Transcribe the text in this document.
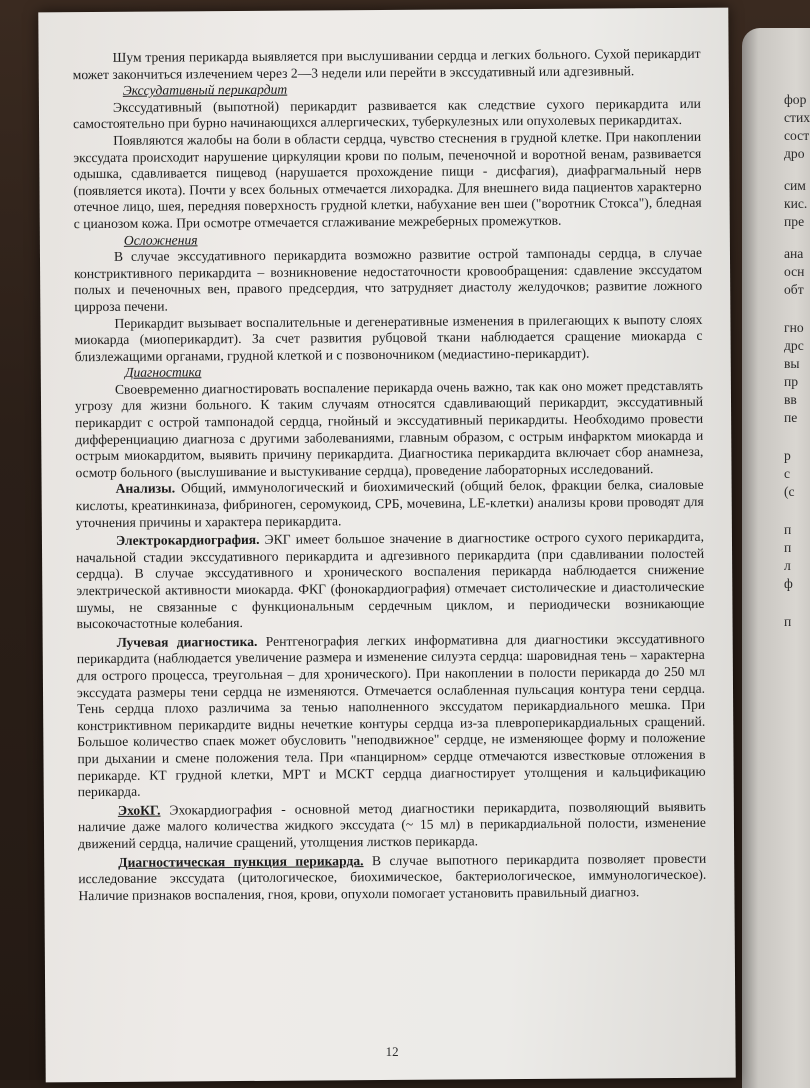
фор
стих
сост
дро
сим
кис.
пре
ана
осн
обт
гно
дрс
вы
пр
вв
пе
р
с
(с
п
п
л
ф
п

Шум трения перикарда выявляется при выслушивании сердца и легких больного. Сухой перикардит может закончиться излечением через 2—3 недели или перейти в экссудативный или адгезивный.

Экссудативный перикардит

Экссудативный (выпотной) перикардит развивается как следствие сухого перикардита или самостоятельно при бурно начинающихся аллергических, туберкулезных или опухолевых перикардитах.

Появляются жалобы на боли в области сердца, чувство стеснения в грудной клетке. При накоплении экссудата происходит нарушение циркуляции крови по полым, печеночной и воротной венам, развивается одышка, сдавливается пищевод (нарушается прохождение пищи - дисфагия), диафрагмальный нерв (появляется икота). Почти у всех больных отмечается лихорадка. Для внешнего вида пациентов характерно отечное лицо, шея, передняя поверхность грудной клетки, набухание вен шеи ("воротник Стокса"), бледная с цианозом кожа. При осмотре отмечается сглаживание межреберных промежутков.

Осложнения

В случае экссудативного перикардита возможно развитие острой тампонады сердца, в случае констриктивного перикардита – возникновение недостаточности кровообращения: сдавление экссудатом полых и печеночных вен, правого предсердия, что затрудняет диастолу желудочков; развитие ложного цирроза печени.

Перикардит вызывает воспалительные и дегенеративные изменения в прилегающих к выпоту слоях миокарда (миоперикардит). За счет развития рубцовой ткани наблюдается сращение миокарда с близлежащими органами, грудной клеткой и с позвоночником (медиастино-перикардит).

Диагностика

Своевременно диагностировать воспаление перикарда очень важно, так как оно может представлять угрозу для жизни больного. К таким случаям относятся сдавливающий перикардит, экссудативный перикардит с острой тампонадой сердца, гнойный и экссудативный перикардиты. Необходимо провести дифференциацию диагноза с другими заболеваниями, главным образом, с острым инфарктом миокарда и острым миокардитом, выявить причину перикардита. Диагностика перикардита включает сбор анамнеза, осмотр больного (выслушивание и выстукивание сердца), проведение лабораторных исследований.

Анализы. Общий, иммунологический и биохимический (общий белок, фракции белка, сиаловые кислоты, креатинкиназа, фибриноген, серомукоид, СРБ, мочевина, LE-клетки) анализы крови проводят для уточнения причины и характера перикардита.

Электрокардиография. ЭКГ имеет большое значение в диагностике острого сухого перикардита, начальной стадии экссудативного перикардита и адгезивного перикардита (при сдавливании полостей сердца). В случае экссудативного и хронического воспаления перикарда наблюдается снижение электрической активности миокарда. ФКГ (фонокардиография) отмечает систолические и диастолические шумы, не связанные с функциональным сердечным циклом, и периодически возникающие высокочастотные колебания.

Лучевая диагностика. Рентгенография легких информативна для диагностики экссудативного перикардита (наблюдается увеличение размера и изменение силуэта сердца: шаровидная тень – характерна для острого процесса, треугольная – для хронического). При накоплении в полости перикарда до 250 мл экссудата размеры тени сердца не изменяются. Отмечается ослабленная пульсация контура тени сердца. Тень сердца плохо различима за тенью наполненного экссудатом перикардиального мешка. При констриктивном перикардите видны нечеткие контуры сердца из-за плевроперикардиальных сращений. Большое количество спаек может обусловить "неподвижное" сердце, не изменяющее форму и положение при дыхании и смене положения тела. При «панцирном» сердце отмечаются известковые отложения в перикарде. КТ грудной клетки, МРТ и МСКТ сердца диагностирует утолщения и кальцификацию перикарда.

ЭхоКГ. Эхокардиография - основной метод диагностики перикардита, позволяющий выявить наличие даже малого количества жидкого экссудата (~ 15 мл) в перикардиальной полости, изменение движений сердца, наличие сращений, утолщения листков перикарда.

Диагностическая пункция перикарда. В случае выпотного перикардита позволяет провести исследование экссудата (цитологическое, биохимическое, бактериологическое, иммунологическое). Наличие признаков воспаления, гноя, крови, опухоли помогает установить правильный диагноз.

12
